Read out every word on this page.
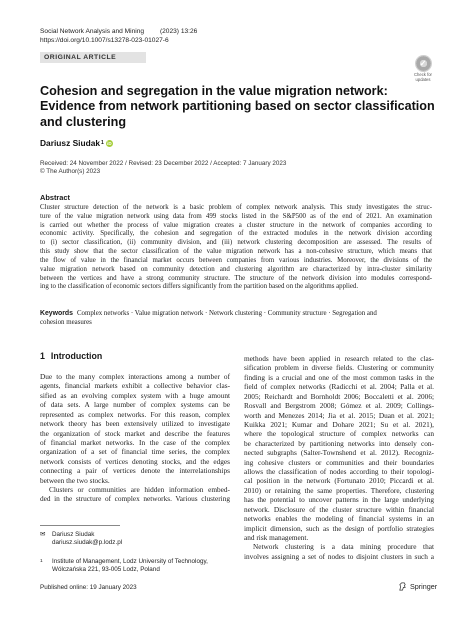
Social Network Analysis and Mining (2023) 13:26
https://doi.org/10.1007/s13278-023-01027-6
ORIGINAL ARTICLE
✓
Check for
updates
Cohesion and segregation in the value migration network:
Evidence from network partitioning based on sector classification
and clustering
Dariusz Siudak 1 iD
Received: 24 November 2022 / Revised: 23 December 2022 / Accepted: 7 January 2023
© The Author(s) 2023
Abstract
Cluster structure detection of the network is a basic problem of complex network analysis. This study investigates the struc-
ture of the value migration network using data from 499 stocks listed in the S&P500 as of the end of 2021. An examination
is carried out whether the process of value migration creates a cluster structure in the network of companies according to
economic activity. Specifically, the cohesion and segregation of the extracted modules in the network division according
to (i) sector classification, (ii) community division, and (iii) network clustering decomposition are assessed. The results of
this study show that the sector classification of the value migration network has a non-cohesive structure, which means that
the flow of value in the financial market occurs between companies from various industries. Moreover, the divisions of the
value migration network based on community detection and clustering algorithm are characterized by intra-cluster similarity
between the vertices and have a strong community structure. The structure of the network division into modules correspond-
ing to the classification of economic sectors differs significantly from the partition based on the algorithms applied.
Keywords Complex networks · Value migration network · Network clustering · Community structure · Segregation and
cohesion measures
1 Introduction
Due to the many complex interactions among a number of
agents, financial markets exhibit a collective behavior clas-
sified as an evolving complex system with a huge amount
of data sets. A large number of complex systems can be
represented as complex networks. For this reason, complex
network theory has been extensively utilized to investigate
the organization of stock market and describe the features
of financial market networks. In the case of the complex
organization of a set of financial time series, the complex
network consists of vertices denoting stocks, and the edges
connecting a pair of vertices denote the interrelationships
between the two stocks.
Clusters or communities are hidden information embed-
ded in the structure of complex networks. Various clustering
methods have been applied in research related to the clas-
sification problem in diverse fields. Clustering or community
finding is a crucial and one of the most common tasks in the
field of complex networks (Radicchi et al. 2004; Palla et al.
2005; Reichardt and Bornholdt 2006; Boccaletti et al. 2006;
Rosvall and Bergstrom 2008; Gómez et al. 2009; Collings-
worth and Menezes 2014; Jia et al. 2015; Duan et al. 2021;
Kuikka 2021; Kumar and Dohare 2021; Su et al. 2021),
where the topological structure of complex networks can
be characterized by partitioning networks into densely con-
nected subgraphs (Salter-Townshend et al. 2012). Recogniz-
ing cohesive clusters or communities and their boundaries
allows the classification of nodes according to their topologi-
cal position in the network (Fortunato 2010; Piccardi et al.
2010) or retaining the same properties. Therefore, clustering
has the potential to uncover patterns in the large underlying
network. Disclosure of the cluster structure within financial
networks enables the modeling of financial systems in an
implicit dimension, such as the design of portfolio strategies
and risk management.
Network clustering is a data mining procedure that
involves assigning a set of nodes to disjoint clusters in such a
✉ Dariusz Siudak
dariusz.siudak@p.lodz.pl
1 Institute of Management, Lodz University of Technology,
Wólczańska 221, 93-005 Lodz, Poland
Published online: 19 January 2023	Springer
